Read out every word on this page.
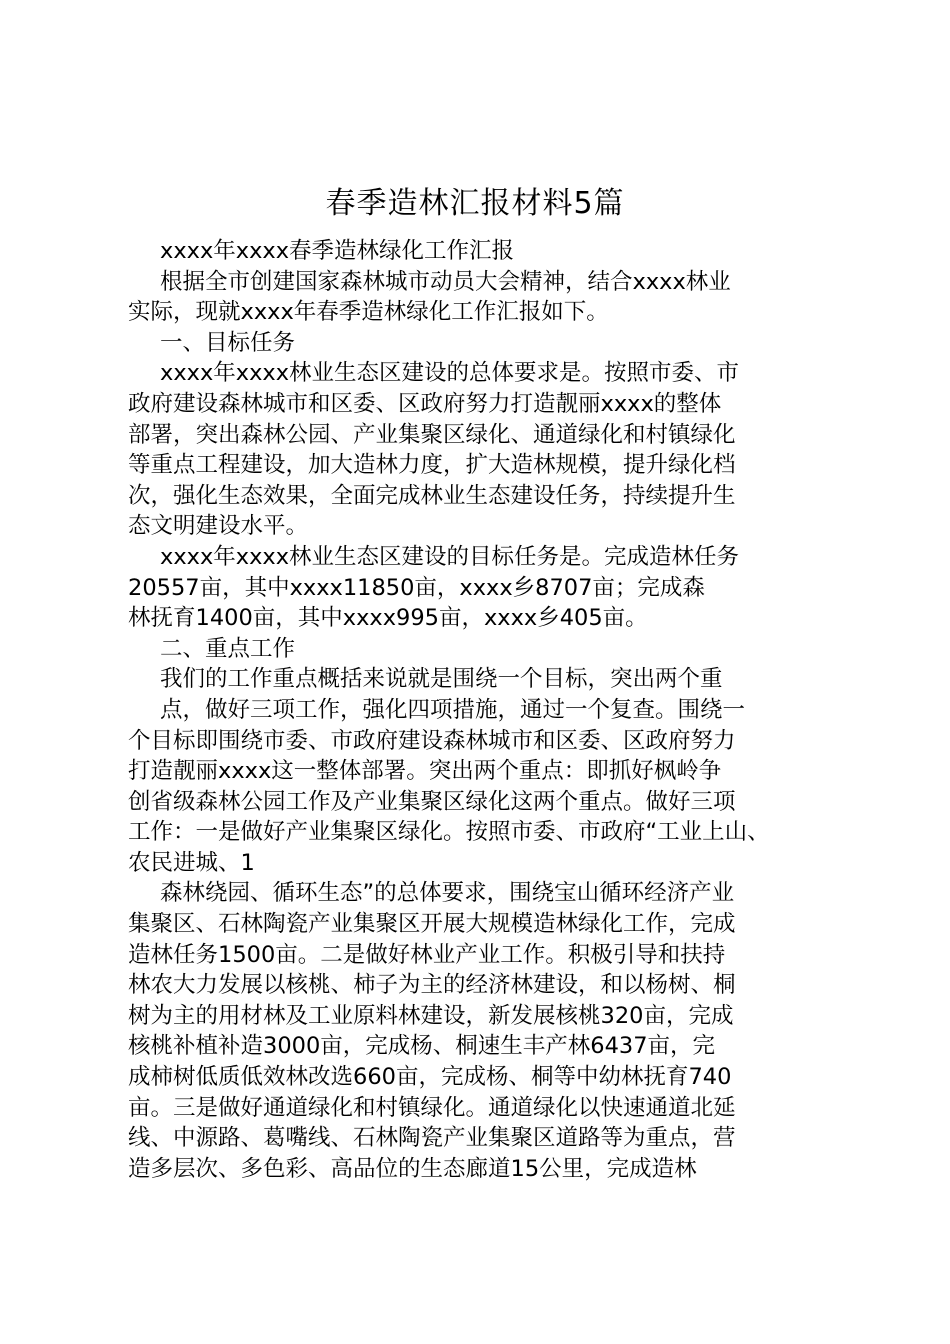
春季造林汇报材料5篇
xxxx年xxxx春季造林绿化工作汇报
根据全市创建国家森林城市动员大会精神，结合xxxx林业
实际，现就xxxx年春季造林绿化工作汇报如下。
一、目标任务
xxxx年xxxx林业生态区建设的总体要求是。按照市委、市
政府建设森林城市和区委、区政府努力打造靓丽xxxx的整体
部署，突出森林公园、产业集聚区绿化、通道绿化和村镇绿化
等重点工程建设，加大造林力度，扩大造林规模，提升绿化档
次，强化生态效果，全面完成林业生态建设任务，持续提升生
态文明建设水平。
xxxx年xxxx林业生态区建设的目标任务是。完成造林任务
20557亩，其中xxxx11850亩，xxxx乡8707亩；完成森
林抚育1400亩，其中xxxx995亩，xxxx乡405亩。
二、重点工作
我们的工作重点概括来说就是围绕一个目标，突出两个重
点，做好三项工作，强化四项措施，通过一个复查。围绕一
个目标即围绕市委、市政府建设森林城市和区委、区政府努力
打造靓丽xxxx这一整体部署。突出两个重点：即抓好枫岭争
创省级森林公园工作及产业集聚区绿化这两个重点。做好三项
工作：一是做好产业集聚区绿化。按照市委、市政府“工业上山、
农民进城、1
森林绕园、循环生态”的总体要求，围绕宝山循环经济产业
集聚区、石林陶瓷产业集聚区开展大规模造林绿化工作，完成
造林任务1500亩。二是做好林业产业工作。积极引导和扶持
林农大力发展以核桃、柿子为主的经济林建设，和以杨树、桐
树为主的用材林及工业原料林建设，新发展核桃320亩，完成
核桃补植补造3000亩，完成杨、桐速生丰产林6437亩，完
成柿树低质低效林改选660亩，完成杨、桐等中幼林抚育740
亩。三是做好通道绿化和村镇绿化。通道绿化以快速通道北延
线、中源路、葛嘴线、石林陶瓷产业集聚区道路等为重点，营
造多层次、多色彩、高品位的生态廊道15公里，完成造林
